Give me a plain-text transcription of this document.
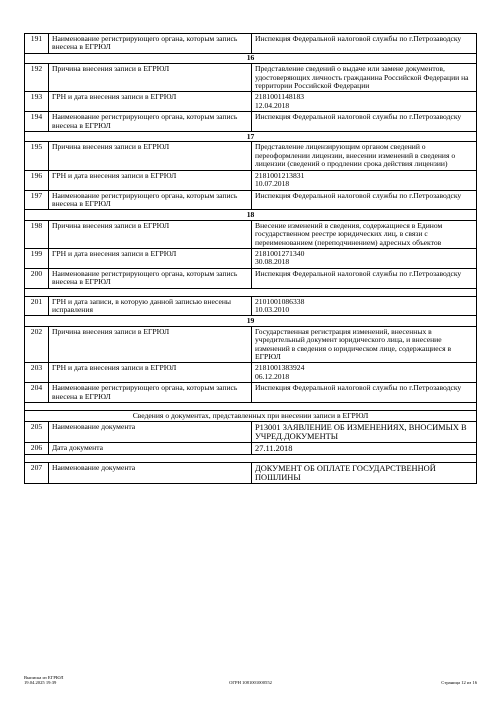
191	Наименование регистрирующего органа, которым запись внесена в ЕГРЮЛ	Инспекция Федеральной налоговой службы по г.Петрозаводску
16		
192	Причина внесения записи в ЕГРЮЛ	Представление сведений о выдаче или замене документов, удостоверяющих личность гражданина Российской Федерации на территории Российской Федерации
193	ГРН и дата внесения записи в ЕГРЮЛ	2181001148183
12.04.2018
194	Наименование регистрирующего органа, которым запись внесена в ЕГРЮЛ	Инспекция Федеральной налоговой службы по г.Петрозаводску
17		
195	Причина внесения записи в ЕГРЮЛ	Представление лицензирующим органом сведений о переоформлении лицензии, внесении изменений в сведения о лицензии (сведений о продлении срока действия лицензии)
196	ГРН и дата внесения записи в ЕГРЮЛ	2181001213831
10.07.2018
197	Наименование регистрирующего органа, которым запись внесена в ЕГРЮЛ	Инспекция Федеральной налоговой службы по г.Петрозаводску
18		
198	Причина внесения записи в ЕГРЮЛ	Внесение изменений в сведения, содержащиеся в Едином государственном реестре юридических лиц, в связи с переименованием (переподчинением) адресных объектов
199	ГРН и дата внесения записи в ЕГРЮЛ	2181001271340
30.08.2018
200	Наименование регистрирующего органа, которым запись внесена в ЕГРЮЛ	Инспекция Федеральной налоговой службы по г.Петрозаводску

201	ГРН и дата записи, в которую данной записью внесены исправления	2101001086338
10.03.2010
19		
202	Причина внесения записи в ЕГРЮЛ	Государственная регистрация изменений, внесенных в учредительный документ юридического лица, и внесение изменений в сведения о юридическом лице, содержащиеся в ЕГРЮЛ
203	ГРН и дата внесения записи в ЕГРЮЛ	2181001383924
06.12.2018
204	Наименование регистрирующего органа, которым запись внесена в ЕГРЮЛ	Инспекция Федеральной налоговой службы по г.Петрозаводску

Сведения о документах, представленных при внесении записи в ЕГРЮЛ		
205	Наименование документа	Р13001 ЗАЯВЛЕНИЕ ОБ ИЗМЕНЕНИЯХ, ВНОСИМЫХ В УЧРЕД.ДОКУМЕНТЫ
206	Дата документа	27.11.2018

207	Наименование документа	ДОКУМЕНТ ОБ ОПЛАТЕ ГОСУДАРСТВЕННОЙ ПОШЛИНЫ
Выписка из ЕГРЮЛ
19.04.2025 19:39	ОГРН 1081001000552	Страница 12 из 16
